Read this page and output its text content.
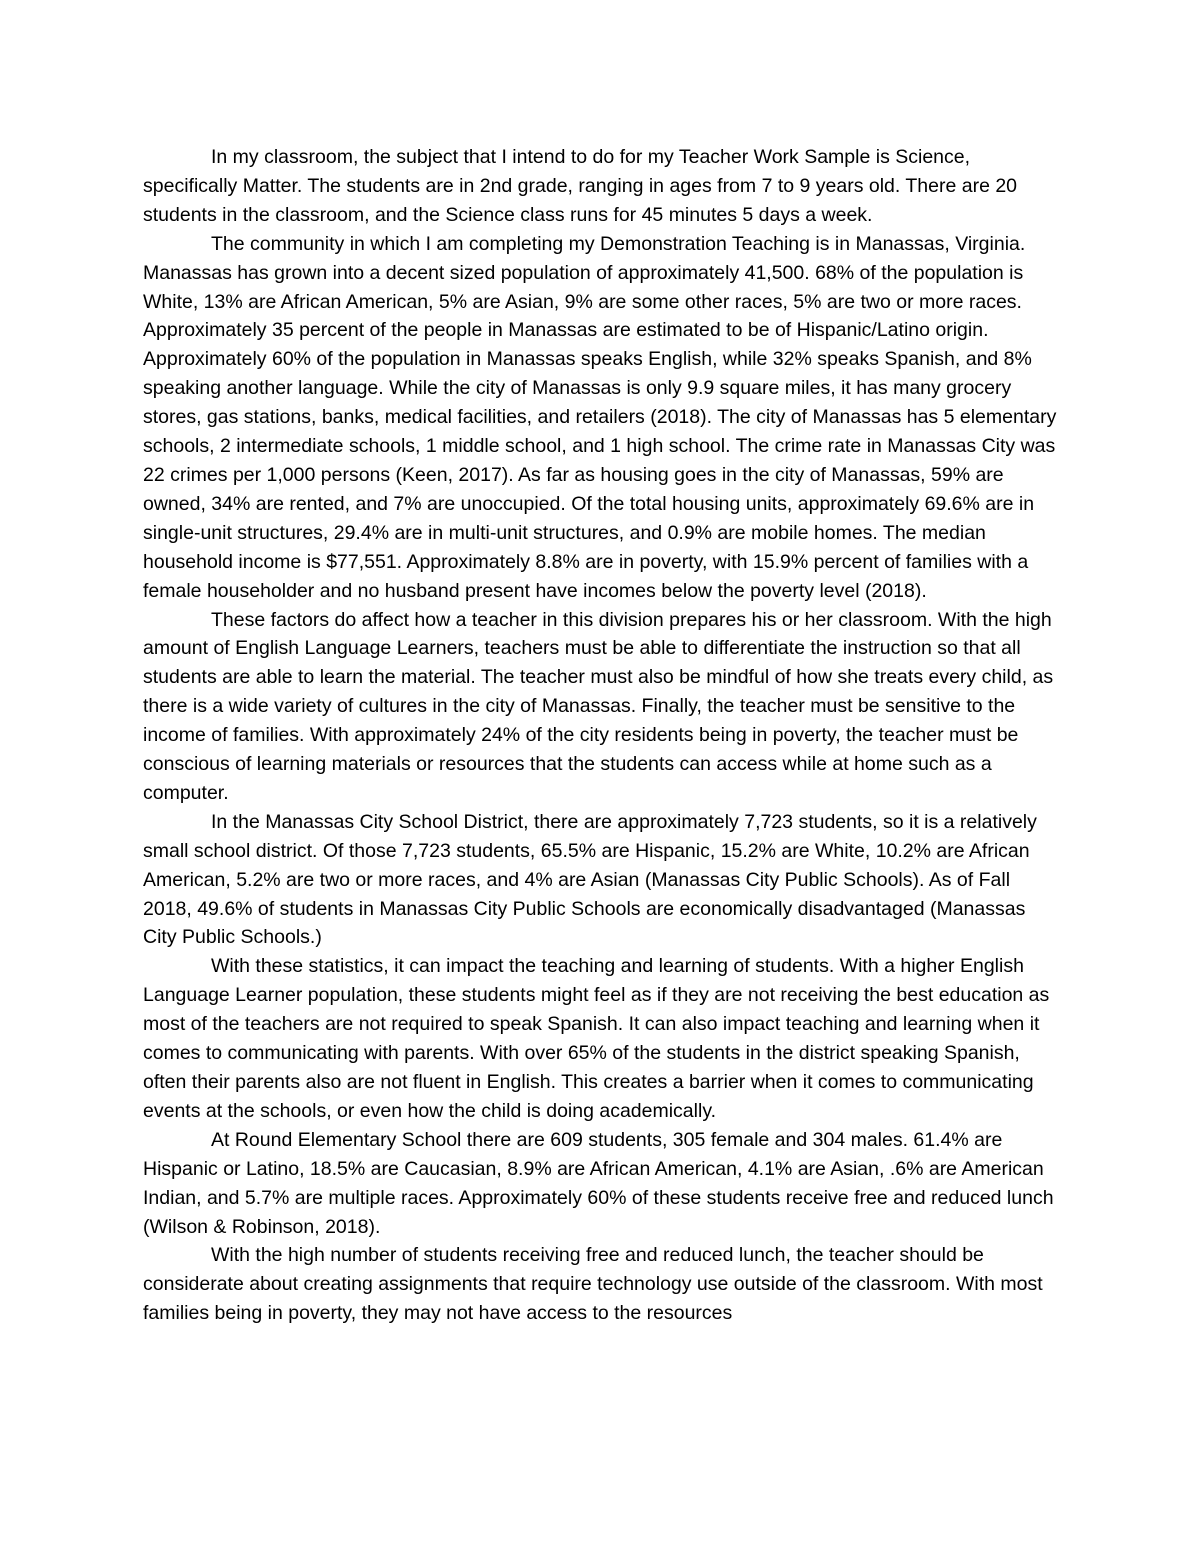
In my classroom, the subject that I intend to do for my Teacher Work Sample is Science, specifically Matter. The students are in 2nd grade, ranging in ages from 7 to 9 years old. There are 20 students in the classroom, and the Science class runs for 45 minutes 5 days a week.

The community in which I am completing my Demonstration Teaching is in Manassas, Virginia. Manassas has grown into a decent sized population of approximately 41,500. 68% of the population is White, 13% are African American, 5% are Asian, 9% are some other races, 5% are two or more races. Approximately 35 percent of the people in Manassas are estimated to be of Hispanic/Latino origin. Approximately 60% of the population in Manassas speaks English, while 32% speaks Spanish, and 8% speaking another language. While the city of Manassas is only 9.9 square miles, it has many grocery stores, gas stations, banks, medical facilities, and retailers (2018). The city of Manassas has 5 elementary schools, 2 intermediate schools, 1 middle school, and 1 high school. The crime rate in Manassas City was 22 crimes per 1,000 persons (Keen, 2017). As far as housing goes in the city of Manassas, 59% are owned, 34% are rented, and 7% are unoccupied. Of the total housing units, approximately 69.6% are in single-unit structures, 29.4% are in multi-unit structures, and 0.9% are mobile homes. The median household income is $77,551. Approximately 8.8% are in poverty, with 15.9% percent of families with a female householder and no husband present have incomes below the poverty level (2018).

These factors do affect how a teacher in this division prepares his or her classroom. With the high amount of English Language Learners, teachers must be able to differentiate the instruction so that all students are able to learn the material. The teacher must also be mindful of how she treats every child, as there is a wide variety of cultures in the city of Manassas. Finally, the teacher must be sensitive to the income of families. With approximately 24% of the city residents being in poverty, the teacher must be conscious of learning materials or resources that the students can access while at home such as a computer.

In the Manassas City School District, there are approximately 7,723 students, so it is a relatively small school district. Of those 7,723 students, 65.5% are Hispanic, 15.2% are White, 10.2% are African American, 5.2% are two or more races, and 4% are Asian (Manassas City Public Schools). As of Fall 2018, 49.6% of students in Manassas City Public Schools are economically disadvantaged (Manassas City Public Schools.)

With these statistics, it can impact the teaching and learning of students. With a higher English Language Learner population, these students might feel as if they are not receiving the best education as most of the teachers are not required to speak Spanish. It can also impact teaching and learning when it comes to communicating with parents. With over 65% of the students in the district speaking Spanish, often their parents also are not fluent in English. This creates a barrier when it comes to communicating events at the schools, or even how the child is doing academically.

At Round Elementary School there are 609 students, 305 female and 304 males. 61.4% are Hispanic or Latino, 18.5% are Caucasian, 8.9% are African American, 4.1% are Asian, .6% are American Indian, and 5.7% are multiple races. Approximately 60% of these students receive free and reduced lunch (Wilson & Robinson, 2018).

With the high number of students receiving free and reduced lunch, the teacher should be considerate about creating assignments that require technology use outside of the classroom. With most families being in poverty, they may not have access to the resources
